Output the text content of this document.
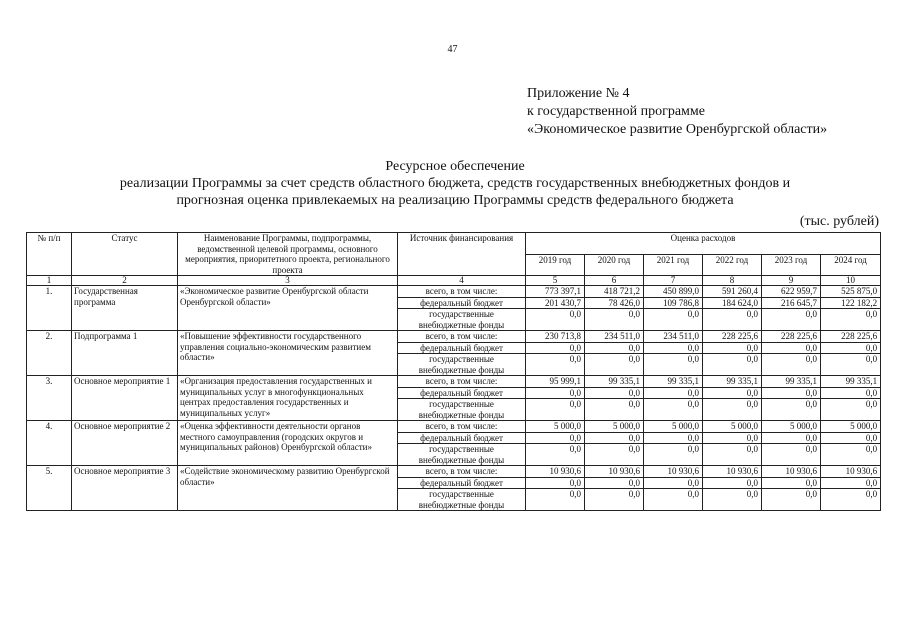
47
Приложение № 4
к государственной программе
«Экономическое развитие Оренбургской области»
Ресурсное обеспечение
реализации Программы за счет средств областного бюджета, средств государственных внебюджетных фондов и
прогнозная оценка привлекаемых на реализацию Программы средств федерального бюджета
(тыс. рублей)
№ п/п	Статус	Наименование Программы, подпрограммы, ведомственной целевой программы, основного мероприятия, приоритетного проекта, регионального проекта	Источник финансирования	Оценка расходов					
				2019 год	2020 год	2021 год	2022 год	2023 год	2024 год
1	2	3	4	5	6	7	8	9	10
1.	Государственная программа	«Экономическое развитие Оренбургской области Оренбургской области»	всего, в том числе:	773 397,1	418 721,2	450 899,0	591 260,4	622 959,7	525 875,0
			федеральный бюджет	201 430,7	78 426,0	109 786,8	184 624,0	216 645,7	122 182,2
			государственные внебюджетные фонды	0,0	0,0	0,0	0,0	0,0	0,0
2.	Подпрограмма 1	«Повышение эффективности государственного управления социально-экономическим развитием области»	всего, в том числе:	230 713,8	234 511,0	234 511,0	228 225,6	228 225,6	228 225,6
			федеральный бюджет	0,0	0,0	0,0	0,0	0,0	0,0
			государственные внебюджетные фонды	0,0	0,0	0,0	0,0	0,0	0,0
3.	Основное мероприятие 1	«Организация предоставления государственных и муниципальных услуг в многофункциональных центрах предоставления государственных и муниципальных услуг»	всего, в том числе:	95 999,1	99 335,1	99 335,1	99 335,1	99 335,1	99 335,1
			федеральный бюджет	0,0	0,0	0,0	0,0	0,0	0,0
			государственные внебюджетные фонды	0,0	0,0	0,0	0,0	0,0	0,0
4.	Основное мероприятие 2	«Оценка эффективности деятельности органов местного самоуправления (городских округов и муниципальных районов) Оренбургской области»	всего, в том числе:	5 000,0	5 000,0	5 000,0	5 000,0	5 000,0	5 000,0
			федеральный бюджет	0,0	0,0	0,0	0,0	0,0	0,0
			государственные внебюджетные фонды	0,0	0,0	0,0	0,0	0,0	0,0
5.	Основное мероприятие 3	«Содействие экономическому развитию Оренбургской области»	всего, в том числе:	10 930,6	10 930,6	10 930,6	10 930,6	10 930,6	10 930,6
			федеральный бюджет	0,0	0,0	0,0	0,0	0,0	0,0
			государственные внебюджетные фонды	0,0	0,0	0,0	0,0	0,0	0,0
